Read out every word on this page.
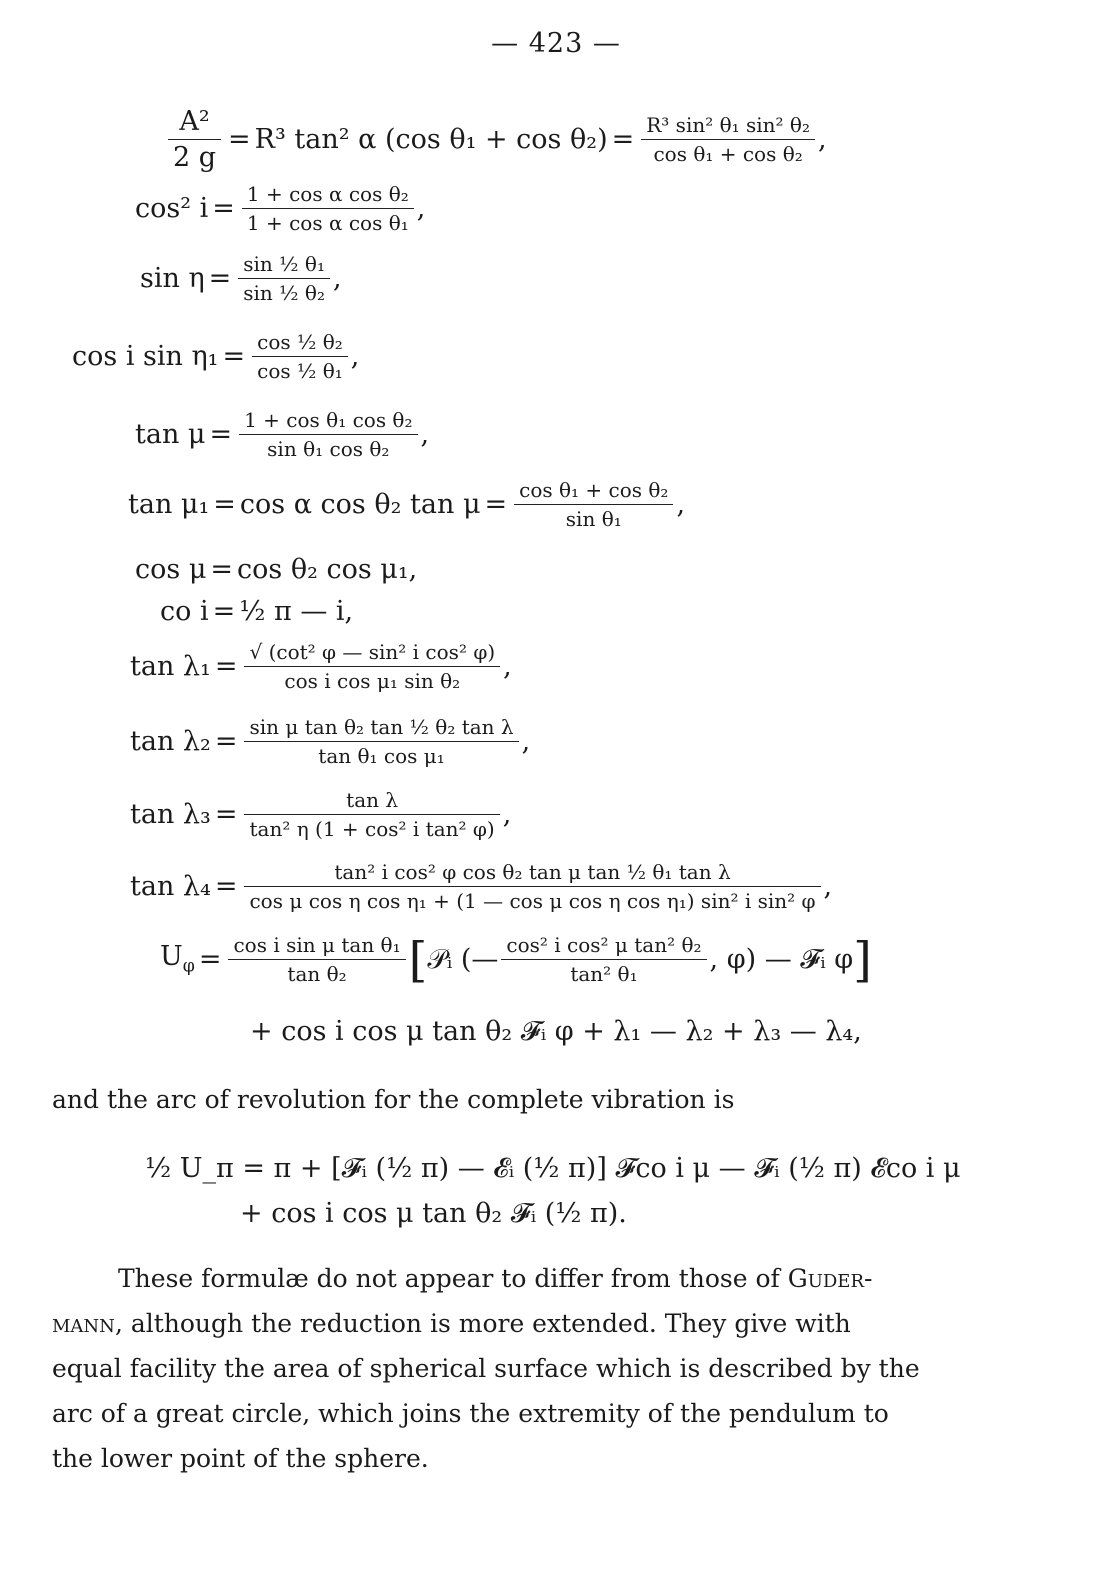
— 423 —
$\frac{\text{A²}}{2 g} = R^3$ tan² α (cos $\theta_1 + \cos \theta_2) = \frac{\text{R³ sin² θ₁ sin² θ₂}}{\text{cos θ₁ + cos θ₂}}$ ,
cos² $i = \frac{\text{1 + cos α cos θ₂}}{\text{1 + cos α cos θ₁}}$ ,
$\sin \eta = \frac{\text{sin ½ θ₁}}{\text{sin ½ θ₂}}$ ,
cos i $\sin \eta_1 = \frac{\text{cos ½ θ₂}}{\text{cos ½ θ₁}}$ ,
$\tan \mu = \frac{\text{1 + cos θ₁ cos θ₂}}{\text{sin θ₁ cos θ₂}}$ ,
tan μ₁ = cos α cos θ₂ $\tan \mu = \frac{\text{cos θ₁ + cos θ₂}}{\text{sin θ₁}}$ ,
cos μ = cos θ₂ cos μ₁,
co i = ½ π — i,
$\tan \lambda_1 = \frac{\text{√ (cot² φ — sin² i cos² φ)}}{\text{cos i cos μ₁ sin θ₂}}$ ,
$\tan \lambda_2 = \frac{\text{sin μ tan θ₂ tan ½ θ₂ tan λ}}{\text{tan θ₁ cos μ₁}}$ ,
$\tan \lambda_3 = \frac{\text{tan λ}}{\text{tan² η (1 + cos² i tan² φ)}}$ ,
$\tan \lambda_4 = \frac{\text{tan² i cos² φ cos θ₂ tan μ tan ½ θ₁ tan λ}}{\text{cos μ cos η cos η₁ + (1 — cos μ cos η cos η₁) sin² i sin² φ}}$ ,
$U_\varphi = \frac{\text{cos i sin μ tan θ₁}}{\text{tan θ₂}}$ [𝒫ᵢ (— $\frac{\text{cos² i cos² μ tan² θ₂}}{\text{tan² θ₁}}$ , φ) — 𝓕ᵢ φ]
+ cos i cos μ tan θ₂ 𝓕ᵢ φ + λ₁ — λ₂ + λ₃ — λ₄,
and the arc of revolution for the complete vibration is
½ U_π = π + [𝓕ᵢ (½ π) — 𝓔ᵢ (½ π)] 𝓕co i μ — 𝓕ᵢ (½ π) 𝓔co i μ
+ cos i cos μ tan θ₂ 𝓕ᵢ (½ π).
These formulæ do not appear to differ from those of Guder-
mann, although the reduction is more extended. They give with
equal facility the area of spherical surface which is described by the
arc of a great circle, which joins the extremity of the pendulum to
the lower point of the sphere.
